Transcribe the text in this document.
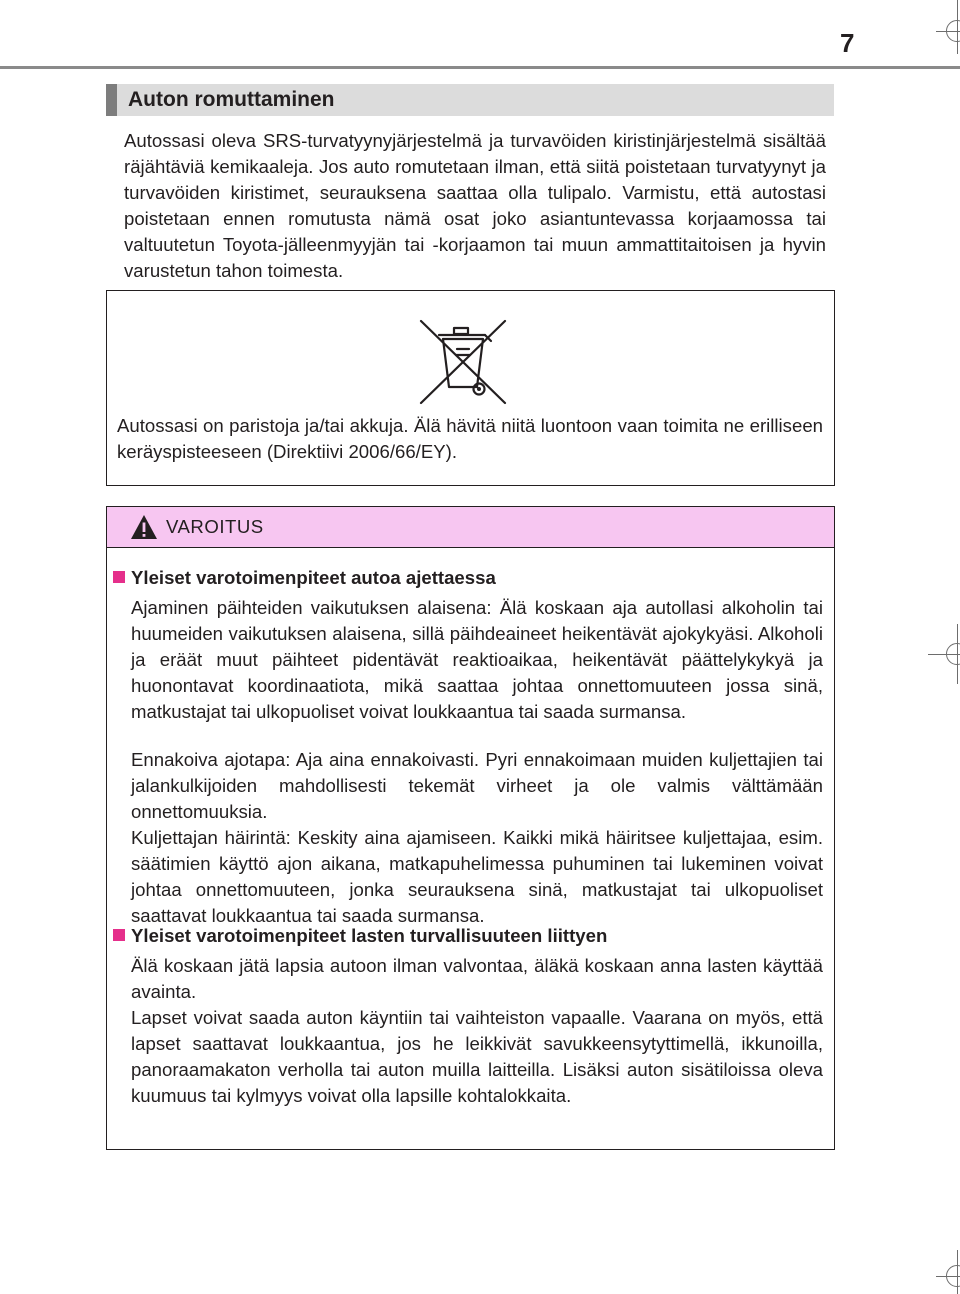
7
Auton romuttaminen

Autossasi oleva SRS-turvatyynyjärjestelmä ja turvavöiden kiristinjärjestelmä sisältää räjähtäviä kemikaaleja. Jos auto romutetaan ilman, että siitä poistetaan turvatyynyt ja turvavöiden kiristimet, seurauksena saattaa olla tulipalo. Varmistu, että autostasi poistetaan ennen romutusta nämä osat joko asiantuntevassa korjaamossa tai valtuutetun Toyota-jälleenmyyjän tai -korjaamon tai muun ammattitaitoisen ja hyvin varustetun tahon toimesta.

Autossasi on paristoja ja/tai akkuja. Älä hävitä niitä luontoon vaan toimita ne erilliseen keräyspisteeseen (Direktiivi 2006/66/EY).

VAROITUS
Yleiset varotoimenpiteet autoa ajettaessa

Ajaminen päihteiden vaikutuksen alaisena: Älä koskaan aja autollasi alkoholin tai huumeiden vaikutuksen alaisena, sillä päihdeaineet heikentävät ajokykyäsi. Alkoholi ja eräät muut päihteet pidentävät reaktioaikaa, heikentävät päättelykykyä ja huonontavat koordinaatiota, mikä saattaa johtaa onnettomuuteen jossa sinä, matkustajat tai ulkopuoliset voivat loukkaantua tai saada surmansa.

Ennakoiva ajotapa: Aja aina ennakoivasti. Pyri ennakoimaan muiden kuljettajien tai jalankulkijoiden mahdollisesti tekemät virheet ja ole valmis välttämään onnettomuuksia.

Kuljettajan häirintä: Keskity aina ajamiseen. Kaikki mikä häiritsee kuljettajaa, esim. säätimien käyttö ajon aikana, matkapuhelimessa puhuminen tai lukeminen voivat johtaa onnettomuuteen, jonka seurauksena sinä, matkustajat tai ulkopuoliset saattavat loukkaantua tai saada surmansa.

Yleiset varotoimenpiteet lasten turvallisuuteen liittyen

Älä koskaan jätä lapsia autoon ilman valvontaa, äläkä koskaan anna lasten käyttää avainta.

Lapset voivat saada auton käyntiin tai vaihteiston vapaalle. Vaarana on myös, että lapset saattavat loukkaantua, jos he leikkivät savukkeensytyttimellä, ikkunoilla, panoraamakaton verholla tai auton muilla laitteilla. Lisäksi auton sisätiloissa oleva kuumuus tai kylmyys voivat olla lapsille kohtalokkaita.
